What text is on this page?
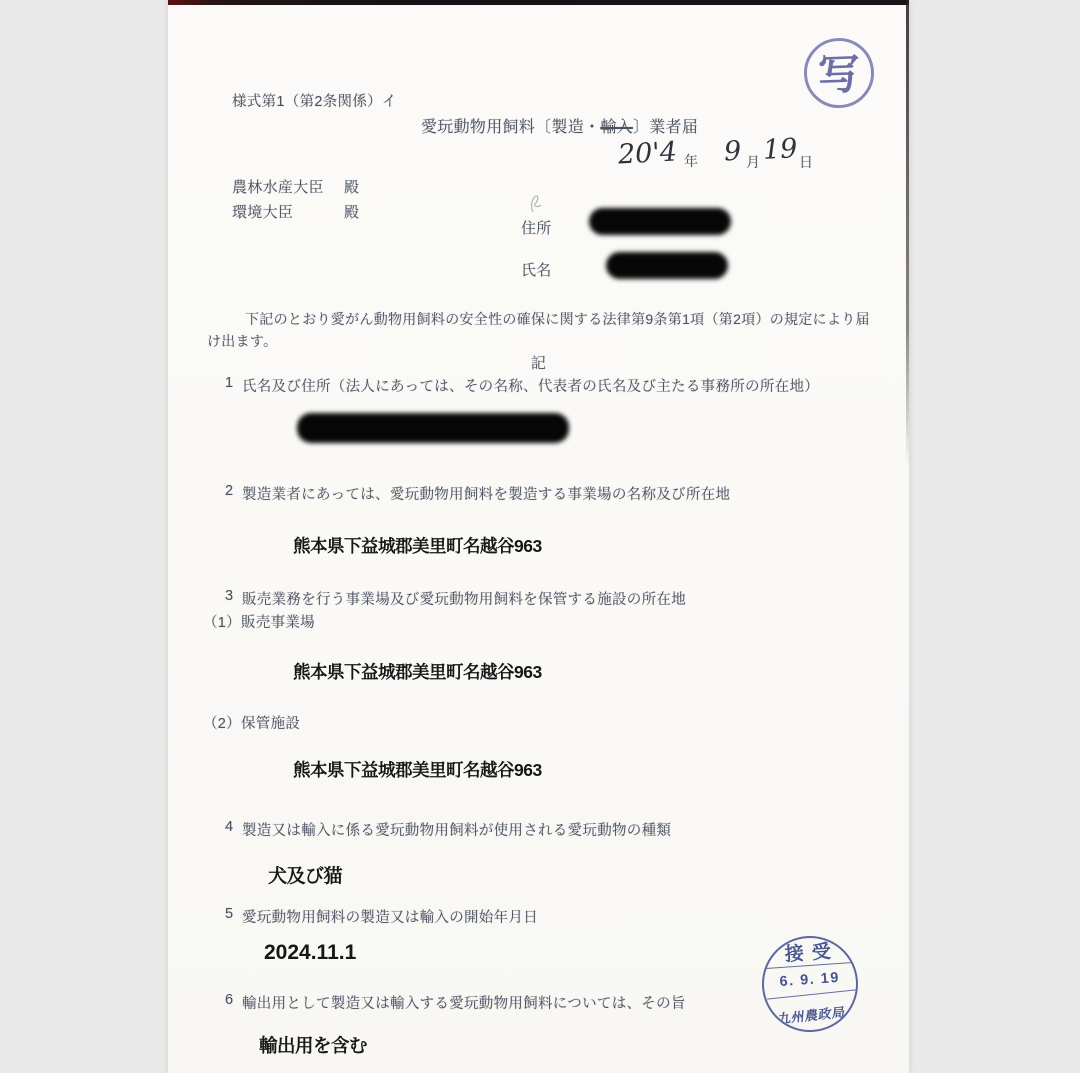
様式第1（第2条関係）イ
愛玩動物用飼料〔製造・輸入〕業者届
写
20'4 年 9 月 19 日
農林水産大臣	殿
環境大臣	殿
住所
氏名
下記のとおり愛がん動物用飼料の安全性の確保に関する法律第9条第1項（第2項）の規定により届
け出ます。
記
1 氏名及び住所（法人にあっては、その名称、代表者の氏名及び主たる事務所の所在地）
2 製造業者にあっては、愛玩動物用飼料を製造する事業場の名称及び所在地
熊本県下益城郡美里町名越谷963
3 販売業務を行う事業場及び愛玩動物用飼料を保管する施設の所在地
（1）販売事業場
熊本県下益城郡美里町名越谷963
（2）保管施設
熊本県下益城郡美里町名越谷963
4 製造又は輸入に係る愛玩動物用飼料が使用される愛玩動物の種類
犬及び猫
5 愛玩動物用飼料の製造又は輸入の開始年月日
2024.11.1
6 輸出用として製造又は輸入する愛玩動物用飼料については、その旨
輸出用を含む
接受
6. 9. 19
九州農政局
